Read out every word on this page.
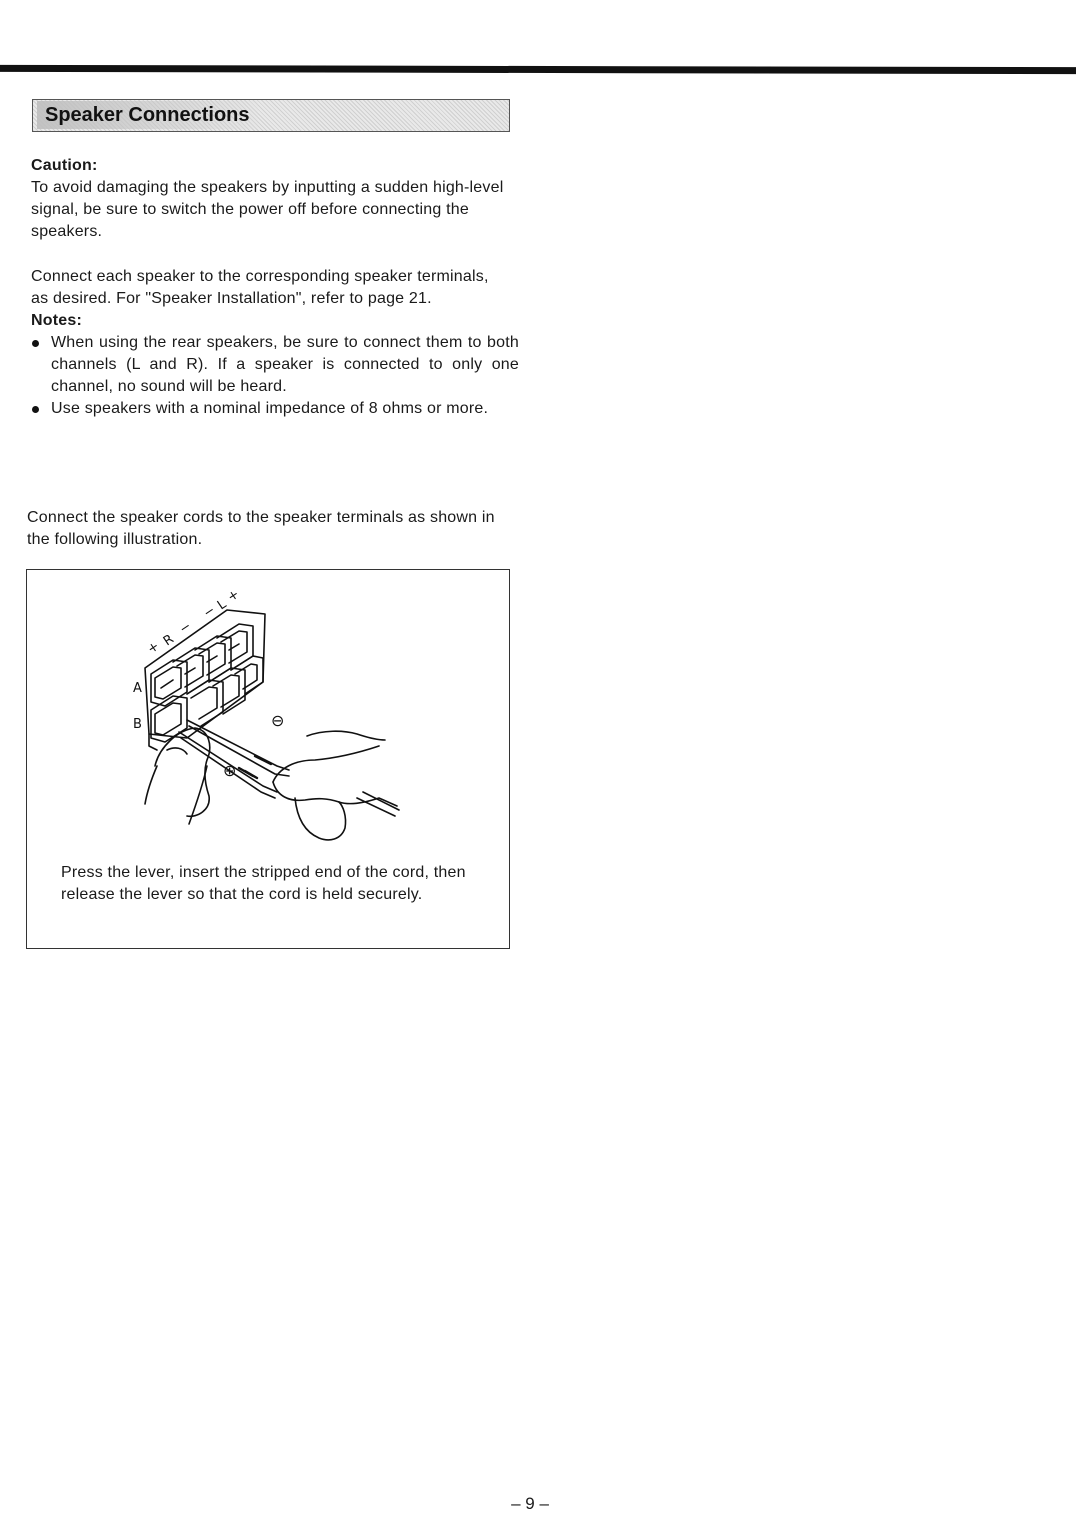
Speaker Connections
Caution:
To avoid damaging the speakers by inputting a sudden high-level signal, be sure to switch the power off before connecting the speakers.
Connect each speaker to the corresponding speaker terminals, as desired. For "Speaker Installation", refer to page 21.
Notes:
When using the rear speakers, be sure to connect them to both channels (L and R). If a speaker is connected to only one channel, no sound will be heard.
Use speakers with a nominal impedance of 8 ohms or more.
Connect the speaker cords to the speaker terminals as shown in the following illustration.
+
R
−
−
L
+
A
B	⊖
⊕
Press the lever, insert the stripped end of the cord, then release the lever so that the cord is held securely.
– 9 –
